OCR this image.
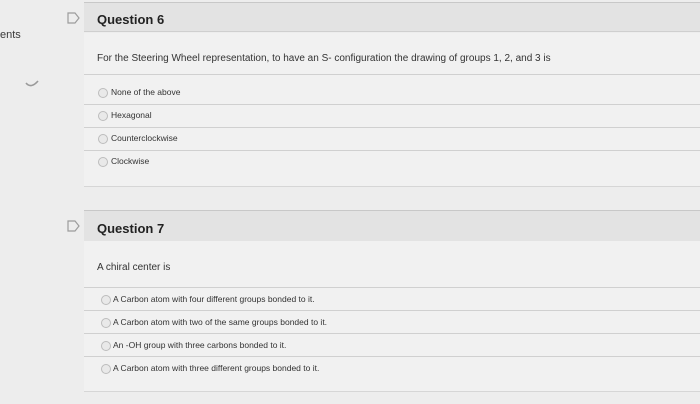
ents
Question 6
For the Steering Wheel representation, to have an S- configuration the drawing of groups 1, 2, and 3 is
None of the above
Hexagonal
Counterclockwise
Clockwise
Question 7
A chiral center is
A Carbon atom with four different groups bonded to it.
A Carbon atom with two of the same groups bonded to it.
An -OH group with three carbons bonded to it.
A Carbon atom with three different groups bonded to it.
